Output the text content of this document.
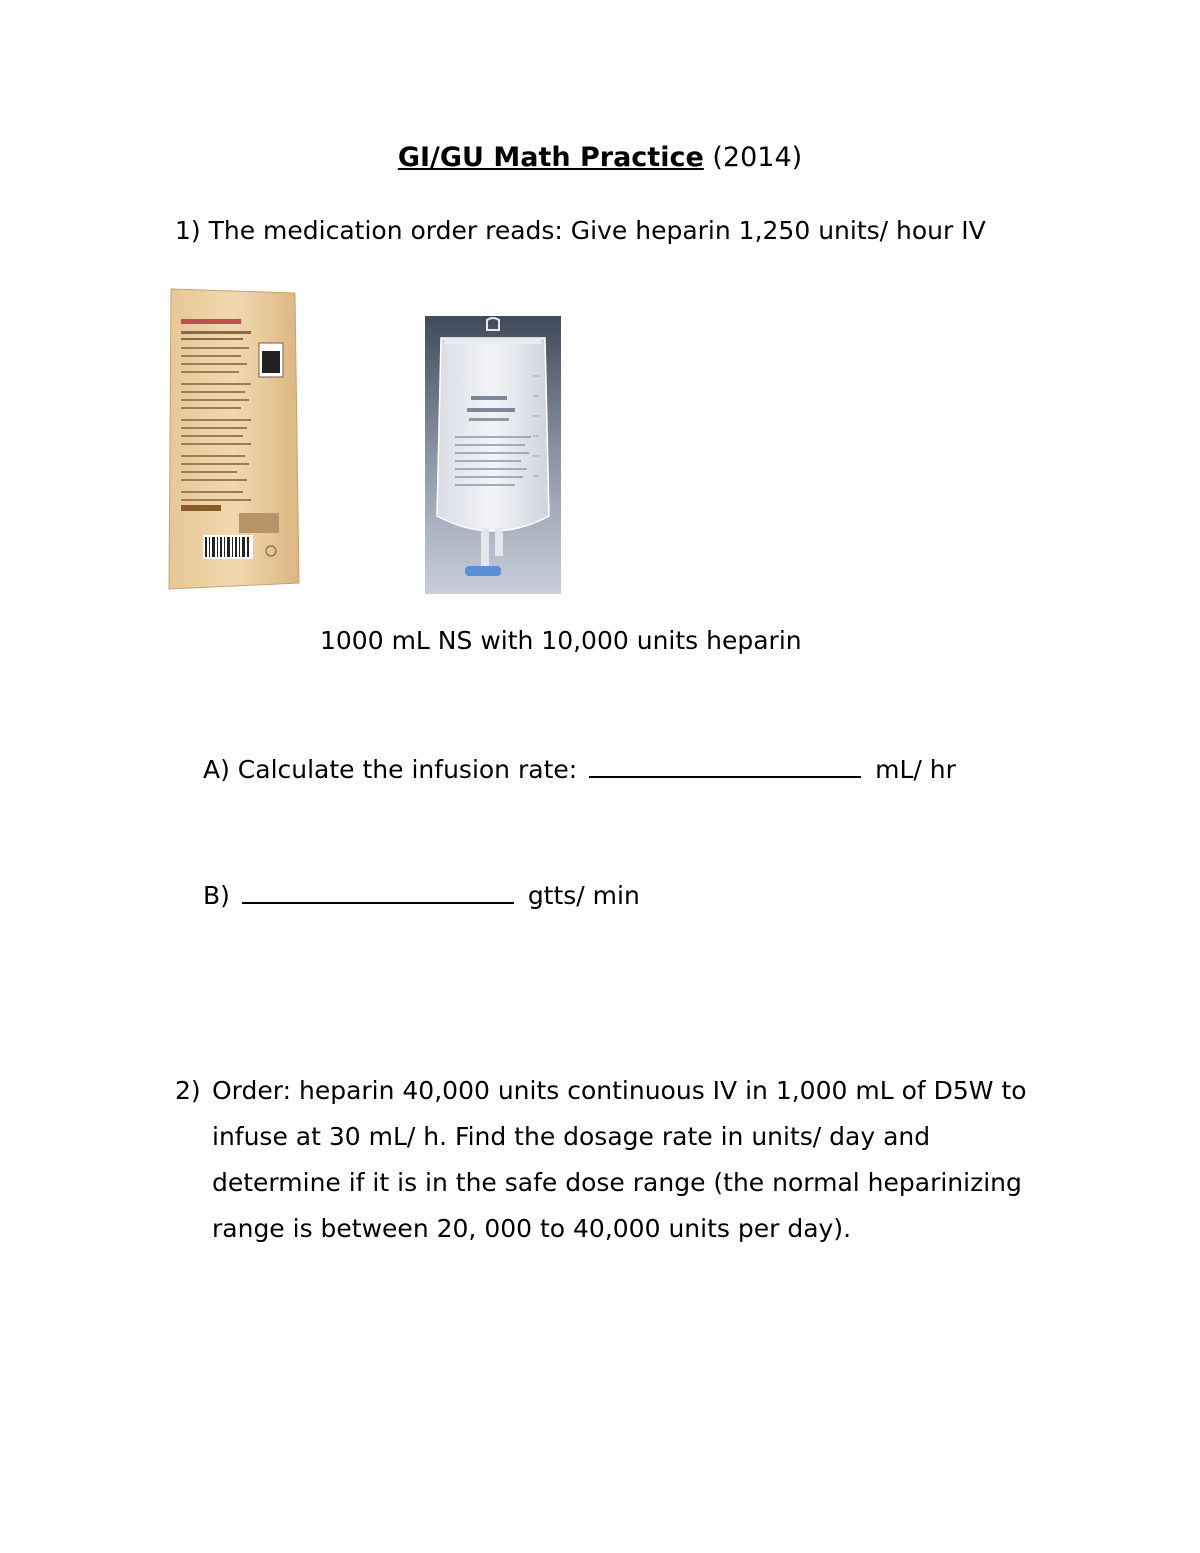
GI/GU Math Practice (2014)
1) The medication order reads: Give heparin 1,250 units/ hour IV
1000 mL NS with 10,000 units heparin
A) Calculate the infusion rate:	mL/ hr
B)	gtts/ min
2) Order: heparin 40,000 units continuous IV in 1,000 mL of D5W to
infuse at 30 mL/ h. Find the dosage rate in units/ day and
determine if it is in the safe dose range (the normal heparinizing
range is between 20, 000 to 40,000 units per day).
